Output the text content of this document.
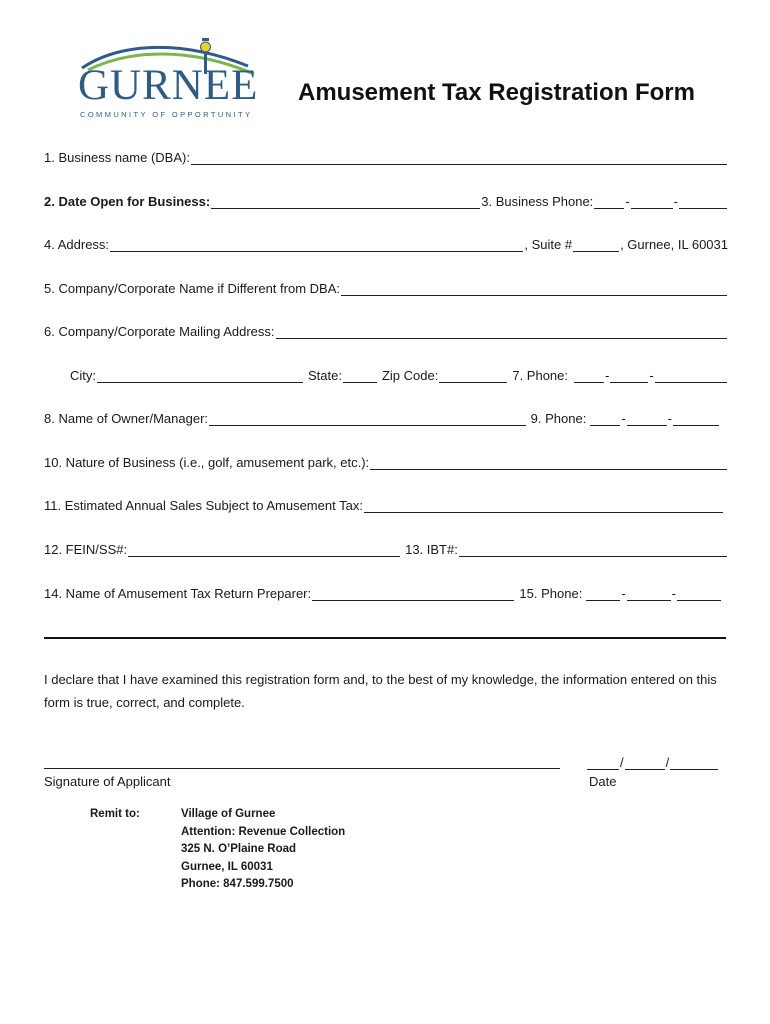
GURNEE
COMMUNITY OF OPPORTUNITY
Amusement Tax Registration Form
1. Business name (DBA):
2. Date Open for Business:	3. Business Phone: -	-
4. Address:	, Suite #	, Gurnee, IL 60031
5. Company/Corporate Name if Different from DBA:
6. Company/Corporate Mailing Address:
City:	State:	Zip Code:	7. Phone:	-	-
8. Name of Owner/Manager:	9. Phone:	-	-
10. Nature of Business (i.e., golf, amusement park, etc.):
11. Estimated Annual Sales Subject to Amusement Tax:
12. FEIN/SS#:	13. IBT#:
14. Name of Amusement Tax Return Preparer:	15. Phone:	-	-
I declare that I have examined this registration form and, to the best of my knowledge, the information entered on this form is true, correct, and complete.
Signature of Applicant
/	/
Date
Remit to:	Village of Gurnee
Attention: Revenue Collection
325 N. O’Plaine Road
Gurnee, IL 60031
Phone: 847.599.7500
